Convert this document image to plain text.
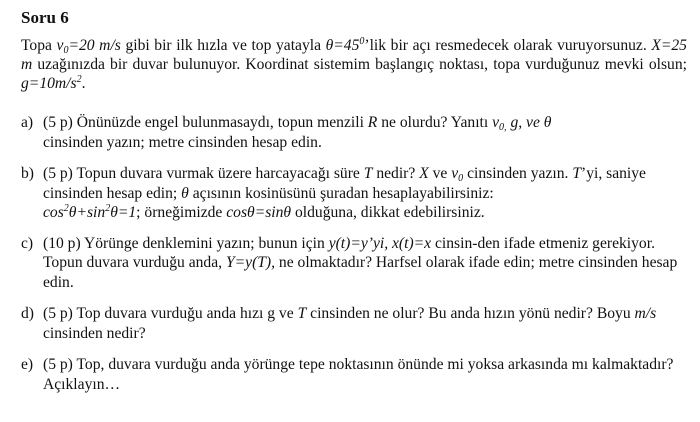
Soru 6
Topa $v_0=20$ m/s gibi bir ilk hızla ve top yatayla $\theta=45^0’lik$ bir açı resmedecek olarak vuruyorsunuz. X=25 m uzağınızda bir duvar bulunuyor. Koordinat sistemim başlangıç noktası, topa vurduğunuz mevki olsun; $g=10m/s^2$.
a) (5 p) Önünüzde engel bulunmasaydı, topun menzili R ne olurdu? Yanıtı $v_{0,}$ g, ve θ
cinsinden yazın; metre cinsinden hesap edin.
b) (5 p) Topun duvara vurmak üzere harcayacağı süre T nedir? X ve $v_0$ cinsinden yazın. T’yi, saniye cinsinden hesap edin; θ açısının kosinüsünü şuradan hesaplayabilirsiniz:
$\cos^2\theta+\sin^2\theta=1$; örneğimizde cosθ=sinθ olduğuna, dikkat edebilirsiniz.
c) (10 p) Yörünge denklemini yazın; bunun için y(t)=y’yi, x(t)=x cinsin-den ifade etmeniz gerekiyor. Topun duvara vurduğu anda, Y=y(T), ne olmaktadır? Harfsel olarak ifade edin; metre cinsinden hesap edin.
d) (5 p) Top duvara vurduğu anda hızı g ve T cinsinden ne olur? Bu anda hızın yönü nedir? Boyu m/s cinsinden nedir?
e) (5 p) Top, duvara vurduğu anda yörünge tepe noktasının önünde mi yoksa arkasında mı kalmaktadır? Açıklayın…
